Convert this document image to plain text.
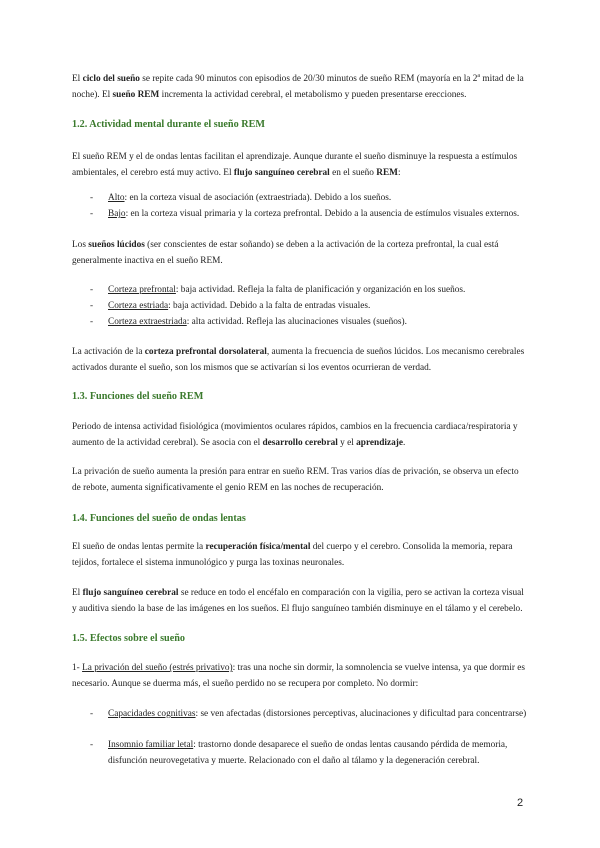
El ciclo del sueño se repite cada 90 minutos con episodios de 20/30 minutos de sueño REM (mayoría en la 2$^a$ mitad de la noche). El sueño REM incrementa la actividad cerebral, el metabolismo y pueden presentarse erecciones.

1.2. Actividad mental durante el sueño REM

El sueño REM y el de ondas lentas facilitan el aprendizaje. Aunque durante el sueño disminuye la respuesta a estímulos ambientales, el cerebro está muy activo. El flujo sanguíneo cerebral en el sueño REM:

- Alto: en la corteza visual de asociación (extraestriada). Debido a los sueños.

- Bajo: en la corteza visual primaria y la corteza prefrontal. Debido a la ausencia de estímulos visuales externos.

Los sueños lúcidos (ser conscientes de estar soñando) se deben a la activación de la corteza prefrontal, la cual está generalmente inactiva en el sueño REM.

- Corteza prefrontal: baja actividad. Refleja la falta de planificación y organización en los sueños.

- Corteza estriada: baja actividad. Debido a la falta de entradas visuales.

- Corteza extraestriada: alta actividad. Refleja las alucinaciones visuales (sueños).

La activación de la corteza prefrontal dorsolateral, aumenta la frecuencia de sueños lúcidos. Los mecanismo cerebrales activados durante el sueño, son los mismos que se activarían si los eventos ocurrieran de verdad.

1.3. Funciones del sueño REM

Periodo de intensa actividad fisiológica (movimientos oculares rápidos, cambios en la frecuencia cardiaca/respiratoria y aumento de la actividad cerebral). Se asocia con el desarrollo cerebral y el aprendizaje.

La privación de sueño aumenta la presión para entrar en sueño REM. Tras varios días de privación, se observa un efecto de rebote, aumenta significativamente el genio REM en las noches de recuperación.

1.4. Funciones del sueño de ondas lentas

El sueño de ondas lentas permite la recuperación física/mental del cuerpo y el cerebro. Consolida la memoria, repara tejidos, fortalece el sistema inmunológico y purga las toxinas neuronales.

El flujo sanguíneo cerebral se reduce en todo el encéfalo en comparación con la vigilia, pero se activan la corteza visual y auditiva siendo la base de las imágenes en los sueños. El flujo sanguíneo también disminuye en el tálamo y el cerebelo.

1.5. Efectos sobre el sueño

1- La privación del sueño (estrés privativo): tras una noche sin dormir, la somnolencia se vuelve intensa, ya que dormir es necesario. Aunque se duerma más, el sueño perdido no se recupera por completo. No dormir:

- Capacidades cognitivas: se ven afectadas (distorsiones perceptivas, alucinaciones y dificultad para concentrarse)

- Insomnio familiar letal: trastorno donde desaparece el sueño de ondas lentas causando pérdida de memoria, disfunción neurovegetativa y muerte. Relacionado con el daño al tálamo y la degeneración cerebral.

2
